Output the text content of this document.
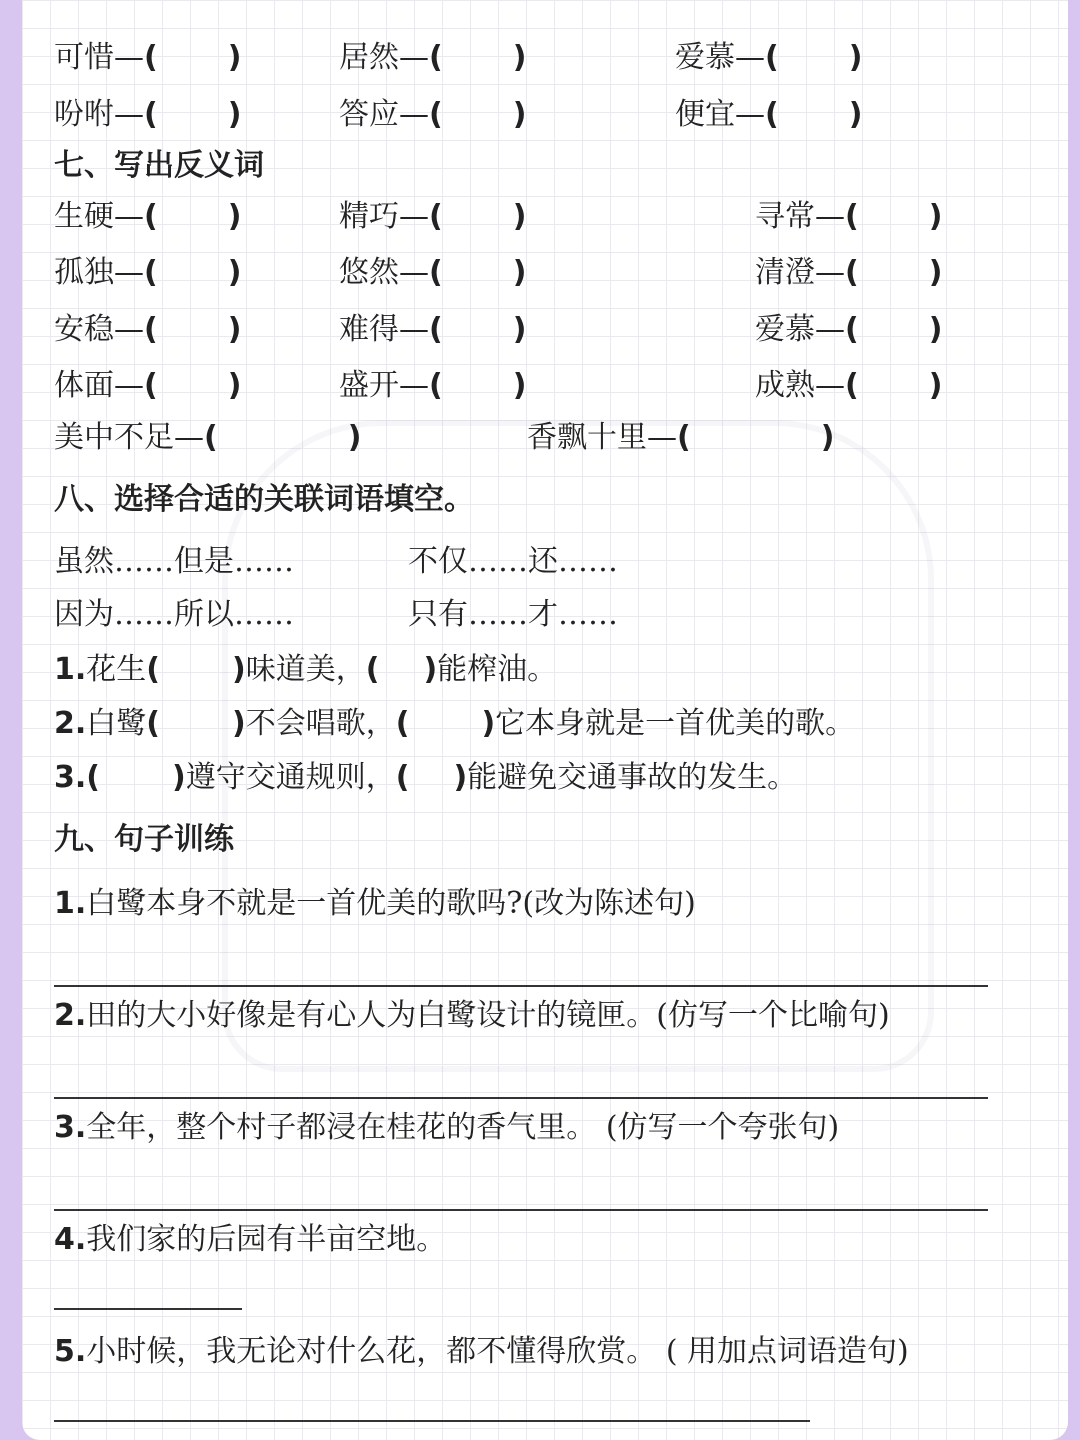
可惜—( )	居然—( )	爱慕—( )
吩咐—( )	答应—( )	便宜—( )
七、写出反义词
生硬—( )	精巧—( )	寻常—( )
孤独—( )	悠然—( )	清澄—( )
安稳—( )	难得—( )	爱慕—( )
体面—( )	盛开—( )	成熟—( )
美中不足—(	)	香飘十里—(	)
八、选择合适的关联词语填空。
虽然……但是……	不仅……还……
因为……所以……	只有……才……
1.花生( )味道美，( )能榨油。
2.白鹭( )不会唱歌，( )它本身就是一首优美的歌。
3.( )遵守交通规则，( )能避免交通事故的发生。
九、句子训练
1.白鹭本身不就是一首优美的歌吗?(改为陈述句)
2.田的大小好像是有心人为白鹭设计的镜匣。(仿写一个比喻句)
3.全年，整个村子都浸在桂花的香气里。 (仿写一个夸张句)
4.我们家的后园有半亩空地。
5.小时候，我无论对什么花，都不懂得欣赏。 ( 用加点词语造句)
